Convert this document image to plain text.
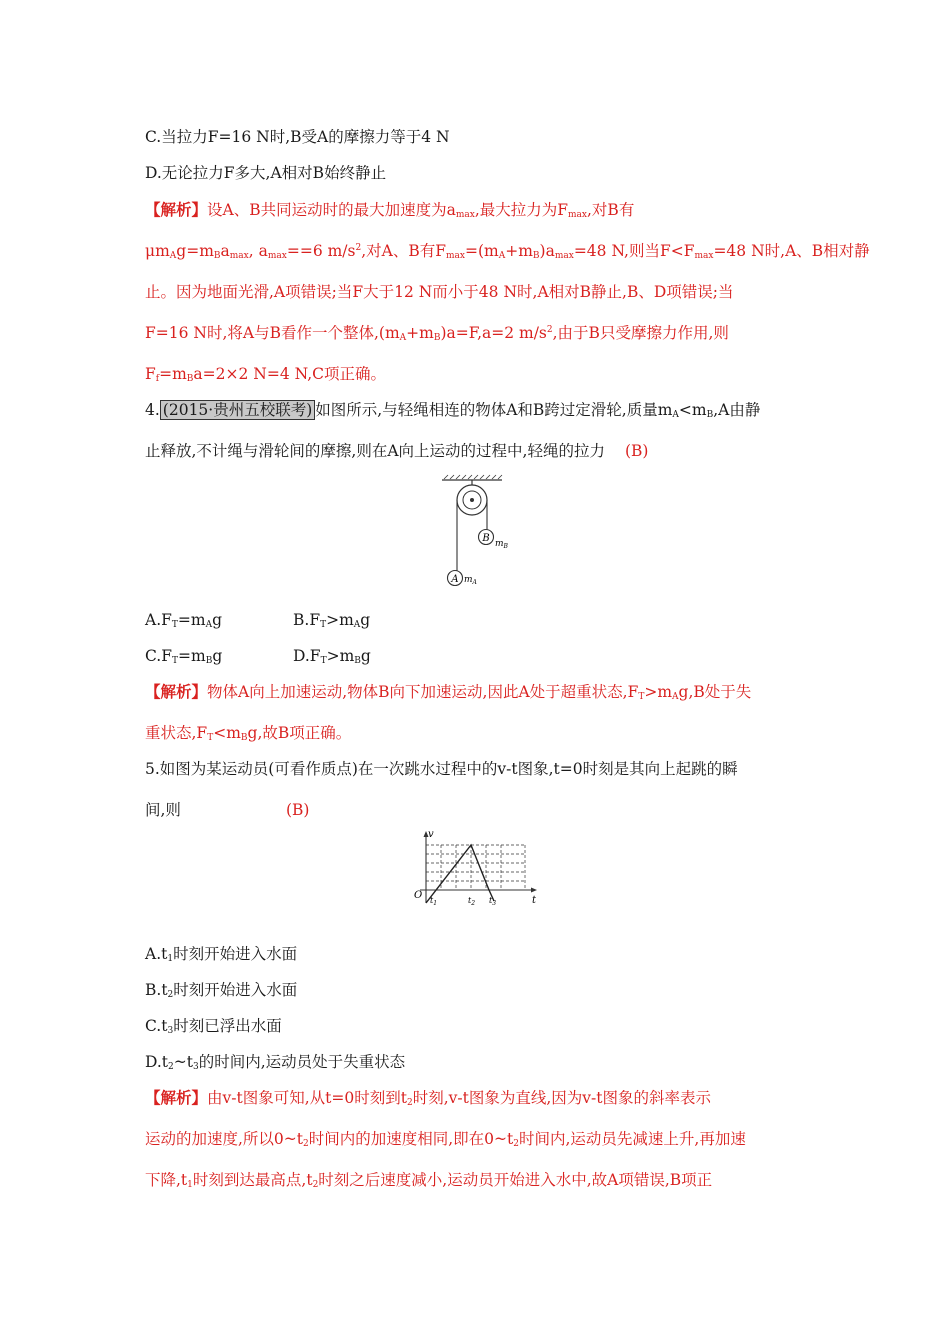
C.当拉力F=16 N时,B受A的摩擦力等于4 N
D.无论拉力F多大,A相对B始终静止
【解析】设A、B共同运动时的最大加速度为$a_{max}$,最大拉力为$F_{max}$,对B有
$\mu m_Ag=m_Ba_{max}$, $a_{max}==6$ $m/s^2$,对A、B有$F_{max}=(m_A+m_B)a_{max}=48$ N,则当$F<F_{max}=48$ N时,A、B相对静
止。因为地面光滑,A项错误;当F大于12 N而小于48 N时,A相对B静止,B、D项错误;当
F=16 N时,将A与B看作一个整体$,(m_A+m_B)a=F,a=2$ $m/s^2$,由于B只受摩擦力作用,则
$F_f=m_Ba=2\times 2$ N=4 N,C项正确。
4. (2015·贵州五校联考) 如图所示,与轻绳相连的物体A和B跨过定滑轮,质量$m_A<m_B,A$由静
止释放,不计绳与滑轮间的摩擦,则在A向上运动的过程中,轻绳的拉力 (B)
B $m_B$
A $m_A$
$A.F_T=m_Ag$	$B.F_T>m_Ag$
$C.F_T=m_Bg$	$D.F_T>m_Bg$
【解析】物体A向上加速运动,物体B向下加速运动,因此A处于超重状态$,F_T>m_Ag,B$处于失
重状态$,F_T<m_Bg$,故B项正确。
5.如图为某运动员(可看作质点)在一次跳水过程中的v-t图象,t=0时刻是其向上起跳的瞬
间,则	(B)
v
O	t
$t_1$	$t_2$ $t_3$
$A.t_1$时刻开始进入水面
$B.t_2$时刻开始进入水面
$C.t_3$时刻已浮出水面
$D.t_2\sim t_3$的时间内,运动员处于失重状态
【解析】由v-t图象可知,从t=0时刻到$t_2$时刻,v-t图象为直线,因为v-t图象的斜率表示
运动的加速度,所以$0\sim t_2$时间内的加速度相同,即在$0\sim t_2$时间内,运动员先减速上升,再加速
下降$,t_1$时刻到达最高点$,t_2$时刻之后速度减小,运动员开始进入水中,故A项错误,B项正
